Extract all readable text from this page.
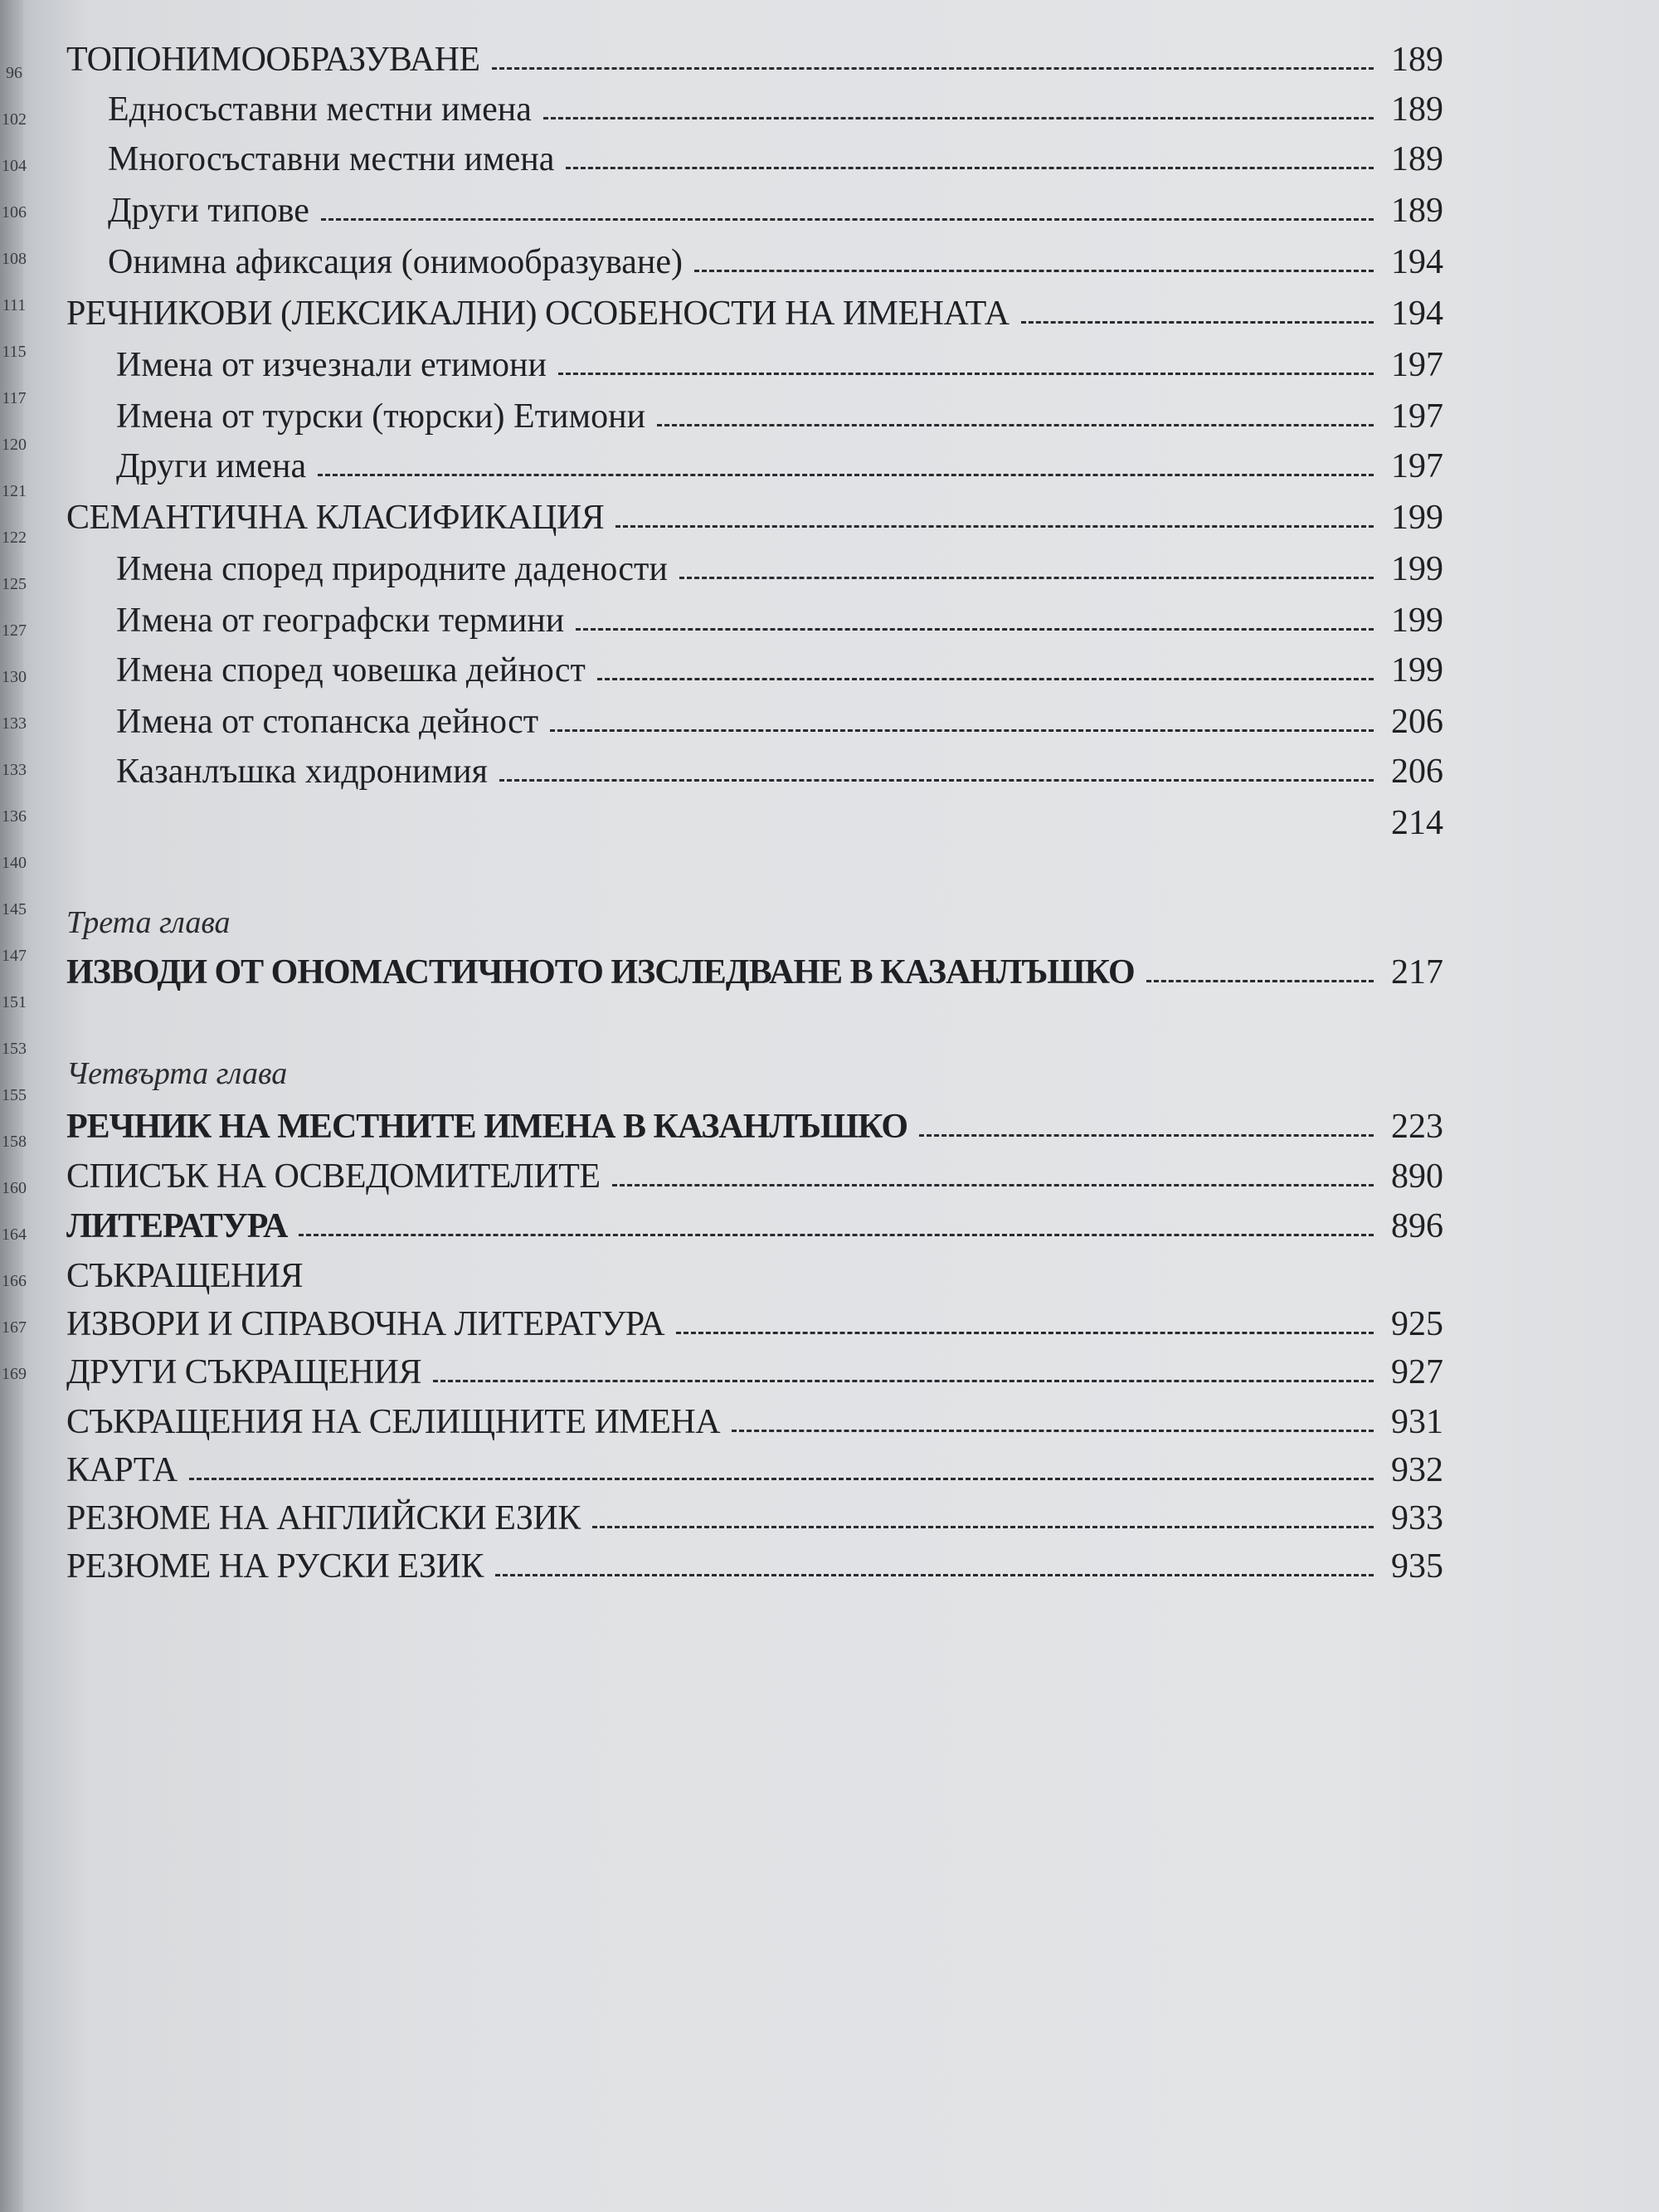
96
102
104
106
108
111
115
117
120
121
122
125
127
130
133
133
136
140
145
147
151
153
155
158
160
164
166
167
169
ТОПОНИМООБРАЗУВАНЕ	189
Едносъставни местни имена	189
Многосъставни местни имена	189
Други типове	189
Онимна афиксация (онимообразуване)	194
РЕЧНИКОВИ (ЛЕКСИКАЛНИ) ОСОБЕНОСТИ НА ИМЕНАТА	194
Имена от изчезнали етимони	197
Имена от турски (тюрски) Етимони	197
Други имена	197
СЕМАНТИЧНА КЛАСИФИКАЦИЯ	199
Имена според природните дадености	199
Имена от географски термини	199
Имена според човешка дейност	199
Имена от стопанска дейност	206
Казанлъшка хидронимия	206
214
Трета глава
ИЗВОДИ ОТ ОНОМАСТИЧНОТО ИЗСЛЕДВАНЕ В КАЗАНЛЪШКО	217
Четвърта глава
РЕЧНИК НА МЕСТНИТЕ ИМЕНА В КАЗАНЛЪШКО	223
СПИСЪК НА ОСВЕДОМИТЕЛИТЕ	890
ЛИТЕРАТУРА	896
СЪКРАЩЕНИЯ
ИЗВОРИ И СПРАВОЧНА ЛИТЕРАТУРА	925
ДРУГИ СЪКРАЩЕНИЯ	927
СЪКРАЩЕНИЯ НА СЕЛИЩНИТЕ ИМЕНА	931
КАРТА	932
РЕЗЮМЕ НА АНГЛИЙСКИ ЕЗИК	933
РЕЗЮМЕ НА РУСКИ ЕЗИК	935
